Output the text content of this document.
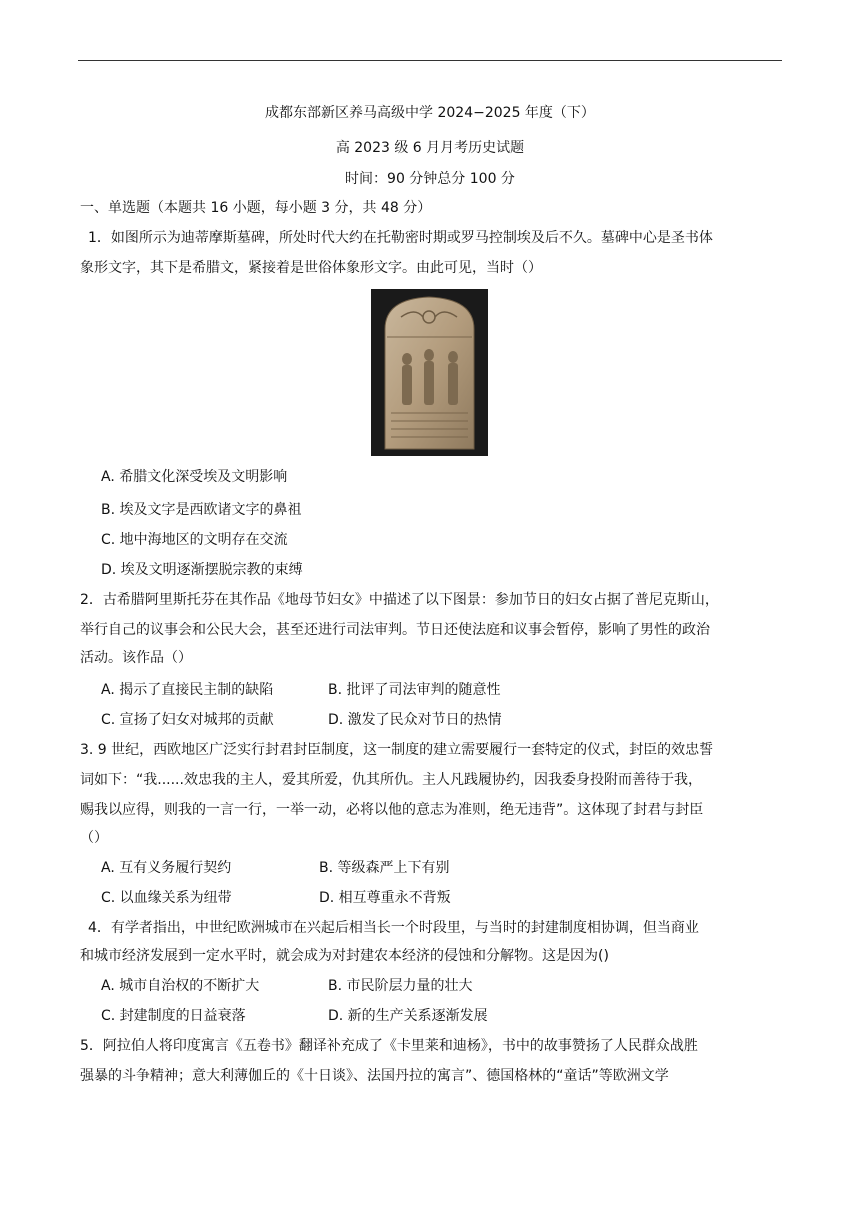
成都东部新区养马高级中学 2024−2025 年度（下）
高 2023 级 6 月月考历史试题
时间：90 分钟总分 100 分
一、单选题（本题共 16 小题，每小题 3 分，共 48 分）
1．如图所示为迪蒂摩斯墓碑，所处时代大约在托勒密时期或罗马控制埃及后不久。墓碑中心是圣书体
象形文字，其下是希腊文，紧接着是世俗体象形文字。由此可见，当时（）
A. 希腊文化深受埃及文明影响
B. 埃及文字是西欧诸文字的鼻祖
C. 地中海地区的文明存在交流
D. 埃及文明逐渐摆脱宗教的束缚
2．古希腊阿里斯托芬在其作品《地母节妇女》中描述了以下图景：参加节日的妇女占据了普尼克斯山，
举行自己的议事会和公民大会，甚至还进行司法审判。节日还使法庭和议事会暂停，影响了男性的政治
活动。该作品（）
A. 揭示了直接民主制的缺陷	B. 批评了司法审判的随意性
C. 宣扬了妇女对城邦的贡献	D. 激发了民众对节日的热情
3. 9 世纪，西欧地区广泛实行封君封臣制度，这一制度的建立需要履行一套特定的仪式，封臣的效忠誓
词如下：“我......效忠我的主人，爱其所爱，仇其所仇。主人凡践履协约，因我委身投附而善待于我，
赐我以应得，则我的一言一行，一举一动，必将以他的意志为准则，绝无违背”。这体现了封君与封臣
（）
A. 互有义务履行契约	B. 等级森严上下有别
C. 以血缘关系为纽带	D. 相互尊重永不背叛
4．有学者指出，中世纪欧洲城市在兴起后相当长一个时段里，与当时的封建制度相协调，但当商业
和城市经济发展到一定水平时，就会成为对封建农本经济的侵蚀和分解物。这是因为()
A. 城市自治权的不断扩大	B. 市民阶层力量的壮大
C. 封建制度的日益衰落	D. 新的生产关系逐渐发展
5．阿拉伯人将印度寓言《五卷书》翻译补充成了《卡里莱和迪杨》，书中的故事赞扬了人民群众战胜
强暴的斗争精神；意大利薄伽丘的《十日谈》、法国丹拉的寓言”、德国格林的“童话”等欧洲文学
